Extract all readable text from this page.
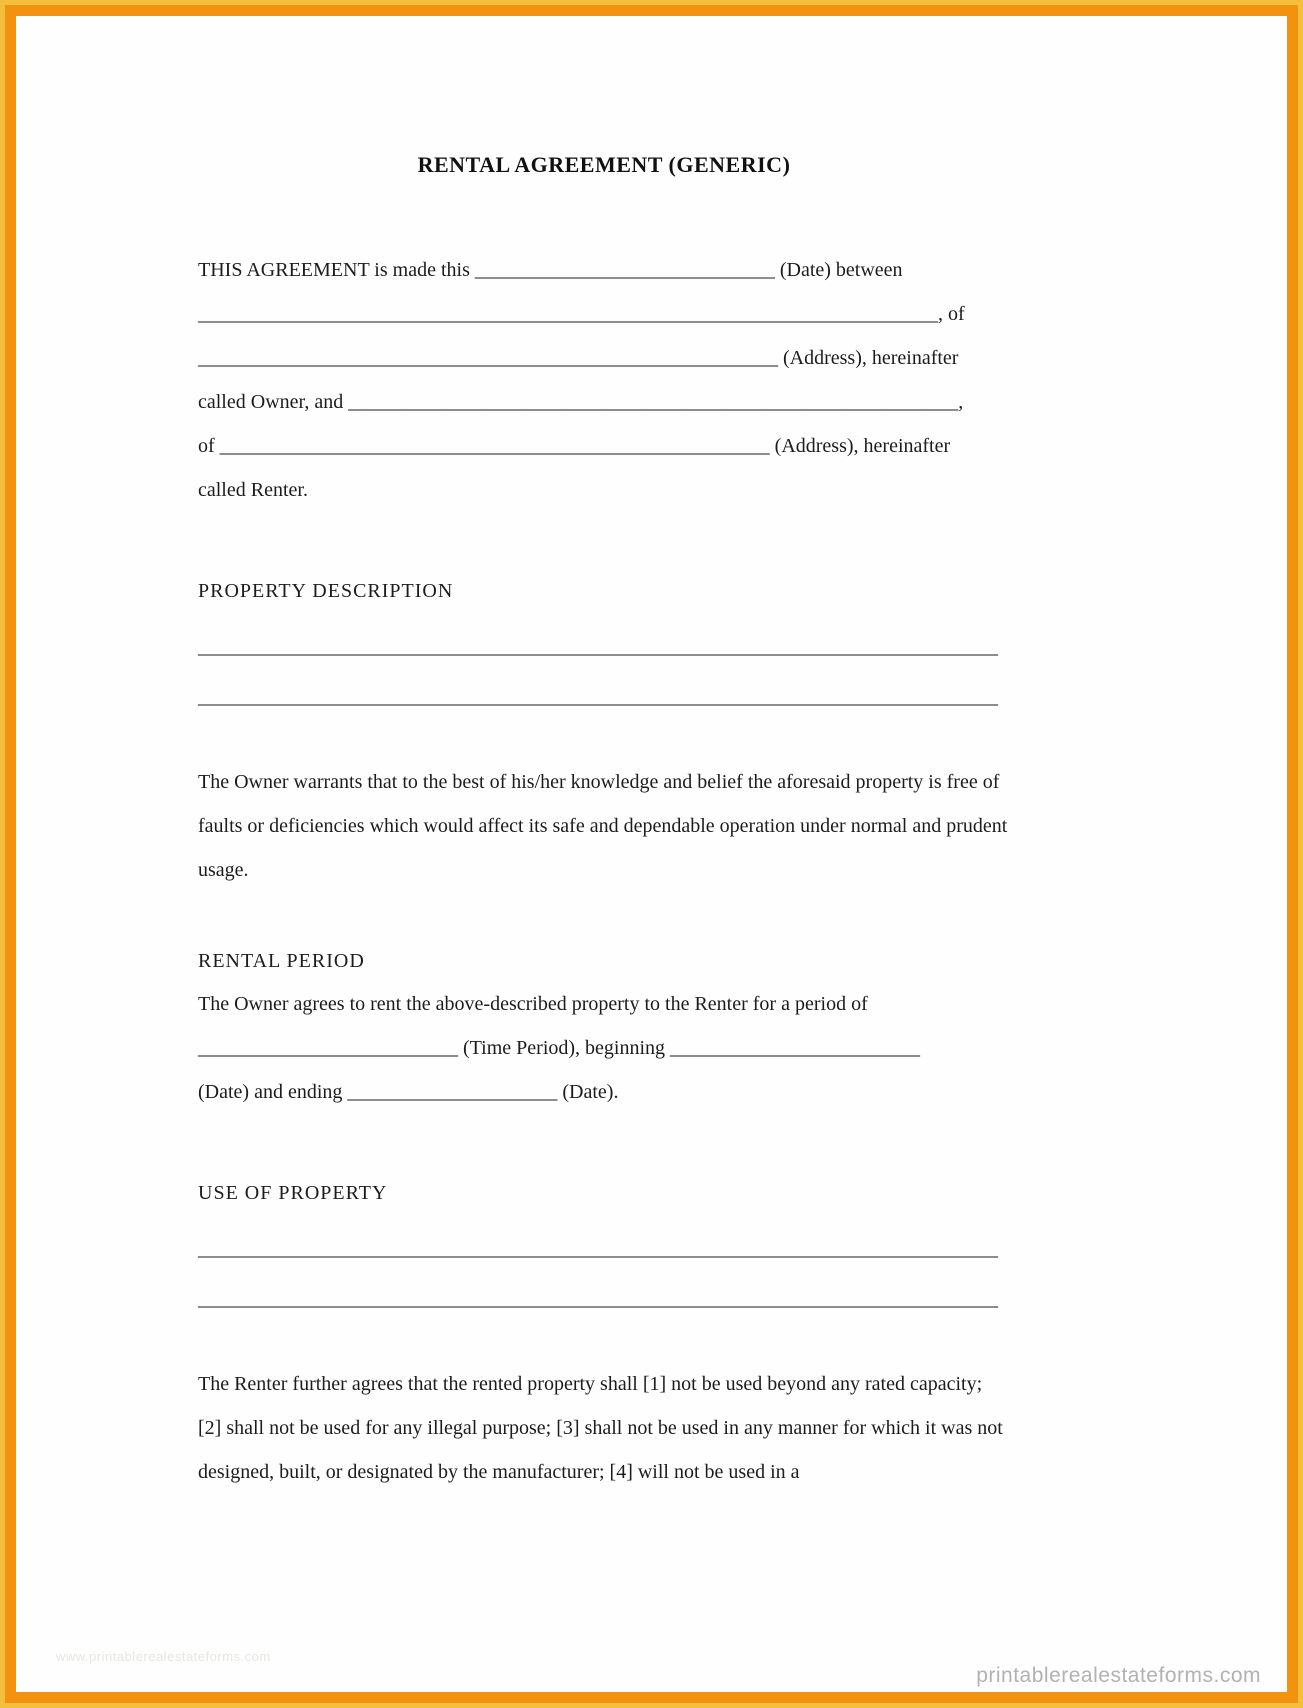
RENTAL AGREEMENT (GENERIC)
THIS AGREEMENT is made this ______________________________ (Date) between
__________________________________________________________________________, of
__________________________________________________________ (Address), hereinafter
called Owner, and _____________________________________________________________,
of _______________________________________________________ (Address), hereinafter
called Renter.
PROPERTY DESCRIPTION
________________________________________________________________________________
________________________________________________________________________________

The Owner warrants that to the best of his/her knowledge and belief the aforesaid property is free of faults or deficiencies which would affect its safe and dependable operation under normal and prudent usage.

RENTAL PERIOD
The Owner agrees to rent the above-described property to the Renter for a period of
__________________________ (Time Period), beginning _________________________
(Date) and ending _____________________ (Date).
USE OF PROPERTY
________________________________________________________________________________
________________________________________________________________________________

The Renter further agrees that the rented property shall [1] not be used beyond any rated capacity; [2] shall not be used for any illegal purpose; [3] shall not be used in any manner for which it was not designed, built, or designated by the manufacturer; [4] will not be used in a

www.printablerealestateforms.com
printablerealestateforms.com
